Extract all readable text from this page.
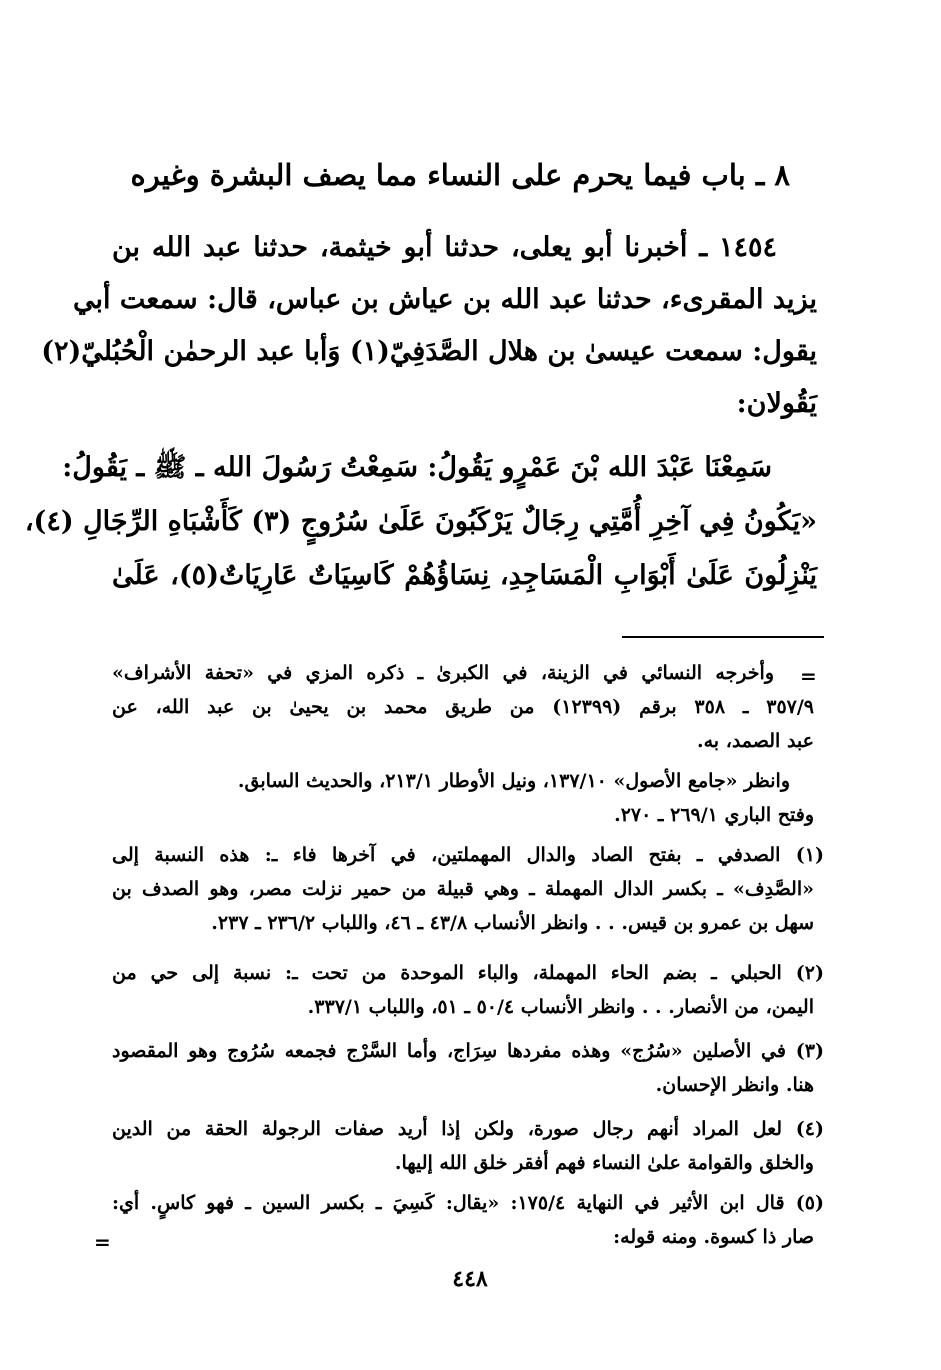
٨ ـ باب فيما يحرم على النساء مما يصف البشرة وغيره
١٤٥٤ ـ أخبرنا أبو يعلى، حدثنا أبو خيثمة، حدثنا عبد الله بن
يزيد المقرىء، حدثنا عبد الله بن عياش بن عباس، قال: سمعت أبي
يقول: سمعت عيسىٰ بن هلال الصَّدَفِيّ(١) وَأبا عبد الرحمٰن الْحُبُليّ(٢)
يَقُولان:
سَمِعْنَا عَبْدَ الله بْنَ عَمْرٍو يَقُولُ: سَمِعْتُ رَسُولَ الله ـ ﷺ ـ يَقُولُ:
«يَكُونُ فِي آخِرِ أُمَّتِي رِجَالٌ يَرْكَبُونَ عَلَىٰ سُرُوجٍ (٣) كَأَشْبَاهِ الرِّجَالِ (٤)،
يَنْزِلُونَ عَلَىٰ أَبْوَابِ الْمَسَاجِدِ، نِسَاؤُهُمْ كَاسِيَاتٌ عَارِيَاتٌ(٥)، عَلَىٰ
=
وأخرجه النسائي في الزينة، في الكبرىٰ ـ ذكره المزي في «تحفة الأشراف»
٣٥٧/٩ ـ ٣٥٨ برقم (١٢٣٩٩) من طريق محمد بن يحيىٰ بن عبد الله، عن
عبد الصمد، به.
وانظر «جامع الأصول» ١٣٧/١٠، ونيل الأوطار ٢١٣/١، والحديث السابق.
وفتح الباري ٢٦٩/١ ـ ٢٧٠.
(١) الصدفي ـ بفتح الصاد والدال المهملتين، في آخرها فاء ـ: هذه النسبة إلى
«الصَّدِف» ـ بكسر الدال المهملة ـ وهي قبيلة من حمير نزلت مصر، وهو الصدف بن
سهل بن عمرو بن قيس. . . وانظر الأنساب ٤٣/٨ ـ ٤٦، واللباب ٢٣٦/٢ ـ ٢٣٧.
(٢) الحبلي ـ بضم الحاء المهملة، والباء الموحدة من تحت ـ: نسبة إلى حي من
اليمن، من الأنصار. . . وانظر الأنساب ٥٠/٤ ـ ٥١، واللباب ٣٣٧/١.
(٣) في الأصلين «سُرُج» وهذه مفردها سِرَاج، وأما السَّرْج فجمعه سُرُوج وهو المقصود
هنا. وانظر الإحسان.
(٤) لعل المراد أنهم رجال صورة، ولكن إذا أريد صفات الرجولة الحقة من الدين
والخلق والقوامة علىٰ النساء فهم أفقر خلق الله إليها.
(٥) قال ابن الأثير في النهاية ١٧٥/٤: «يقال: كَسِيَ ـ بكسر السين ـ فهو كاسٍ. أي:
صار ذا كسوة. ومنه قوله:
=
٤٤٨
